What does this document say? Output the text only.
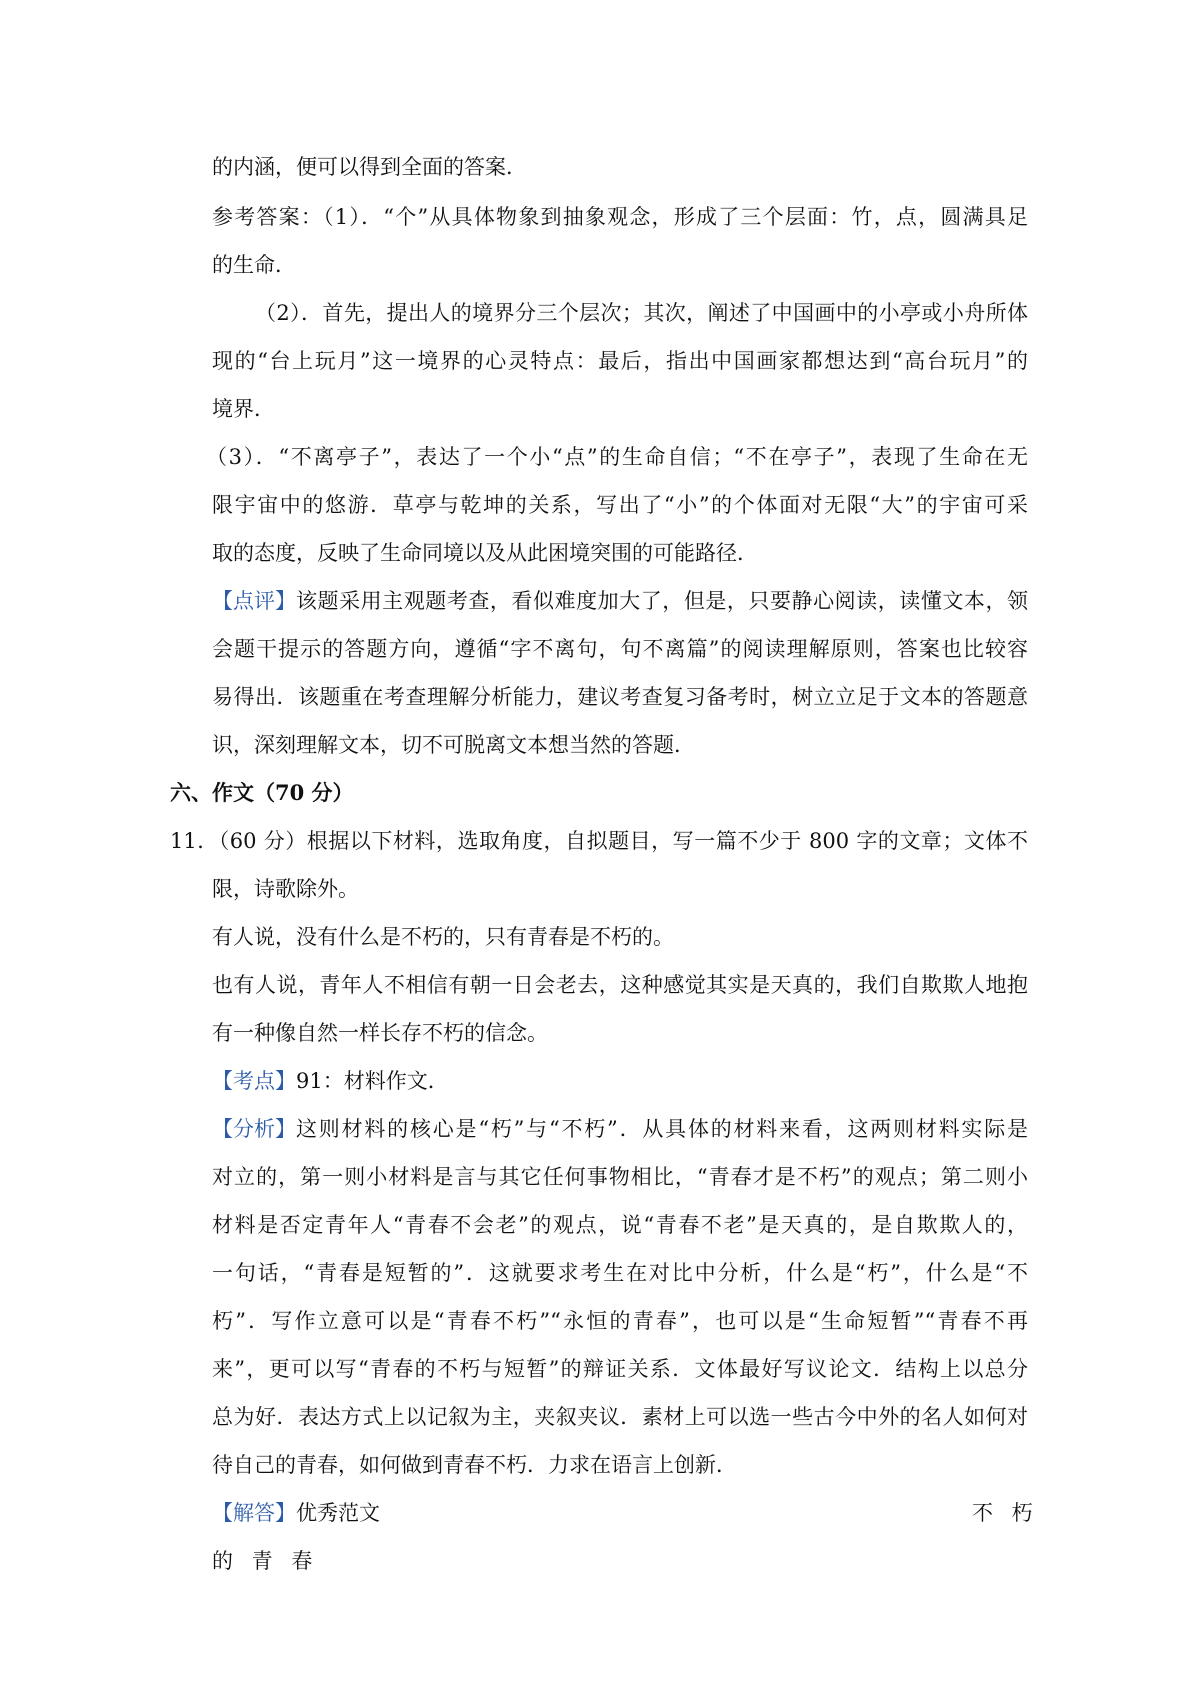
的内涵，便可以得到全面的答案．
参考答案：（1）．“个”从具体物象到抽象观念，形成了三个层面：竹，点，圆满具足
的生命．
（2）．首先，提出人的境界分三个层次；其次，阐述了中国画中的小亭或小舟所体
现的“台上玩月”这一境界的心灵特点：最后，指出中国画家都想达到“高台玩月”的
境界．
（3）．“不离亭子”，表达了一个小“点”的生命自信；“不在亭子”，表现了生命在无
限宇宙中的悠游．草亭与乾坤的关系，写出了“小”的个体面对无限“大”的宇宙可采
取的态度，反映了生命同境以及从此困境突围的可能路径．
【点评】 该题采用主观题考查，看似难度加大了，但是，只要静心阅读，读懂文本，领
会题干提示的答题方向，遵循“字不离句，句不离篇”的阅读理解原则，答案也比较容
易得出．该题重在考查理解分析能力，建议考查复习备考时，树立立足于文本的答题意
识，深刻理解文本，切不可脱离文本想当然的答题．
六、作文（70 分）
11．（60 分）根据以下材料，选取角度，自拟题目，写一篇不少于 800 字的文章；文体不
限，诗歌除外。
有人说，没有什么是不朽的，只有青春是不朽的。
也有人说，青年人不相信有朝一日会老去，这种感觉其实是天真的，我们自欺欺人地抱
有一种像自然一样长存不朽的信念。
【考点】91：材料作文．
【分析】 这则材料的核心是“朽”与“不朽”．从具体的材料来看，这两则材料实际是
对立的，第一则小材料是言与其它任何事物相比，“青春才是不朽”的观点；第二则小
材料是否定青年人“青春不会老”的观点，说“青春不老”是天真的，是自欺欺人的，
一句话，“青春是短暂的”．这就要求考生在对比中分析，什么是“朽”，什么是“不
朽”．写作立意可以是“青春不朽”“永恒的青春”，也可以是“生命短暂”“青春不再
来”，更可以写“青春的不朽与短暂”的辩证关系．文体最好写议论文．结构上以总分
总为好．表达方式上以记叙为主，夹叙夹议．素材上可以选一些古今中外的名人如何对
待自己的青春，如何做到青春不朽．力求在语言上创新．
【解答】优秀范文	不 朽
的 青 春
